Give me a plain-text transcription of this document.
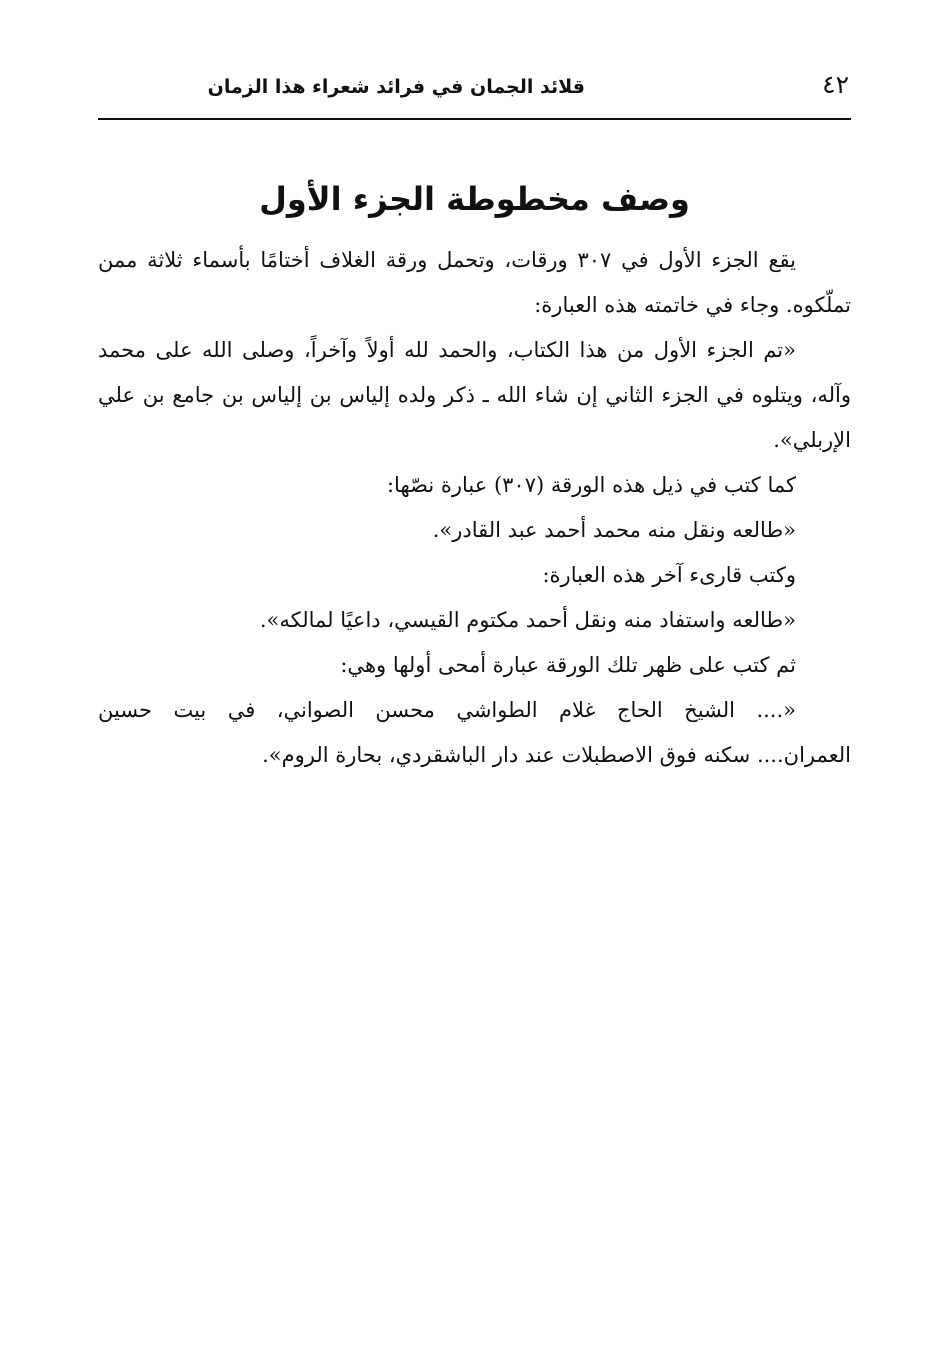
٤٢
قلائد الجمان في فرائد شعراء هذا الزمان
وصف مخطوطة الجزء الأول
يقع الجزء الأول في ٣٠٧ ورقات، وتحمل ورقة الغلاف أختامًا بأسماء ثلاثة ممن
تملّكوه. وجاء في خاتمته هذه العبارة:
«تم الجزء الأول من هذا الكتاب، والحمد لله أولاً وآخراً، وصلى الله على محمد
وآله، ويتلوه في الجزء الثاني إن شاء الله ـ ذكر ولده إلياس بن إلياس بن جامع بن علي
الإربلي».
كما كتب في ذيل هذه الورقة (٣٠٧) عبارة نصّها:
«طالعه ونقل منه محمد أحمد عبد القادر».
وكتب قارىء آخر هذه العبارة:
«طالعه واستفاد منه ونقل أحمد مكتوم القيسي، داعيًا لمالكه».
ثم كتب على ظهر تلك الورقة عبارة أمحى أولها وهي:
«.... الشيخ الحاج غلام الطواشي محسن الصواني، في بيت حسين
العمران.... سكنه فوق الاصطبلات عند دار الباشقردي، بحارة الروم».
